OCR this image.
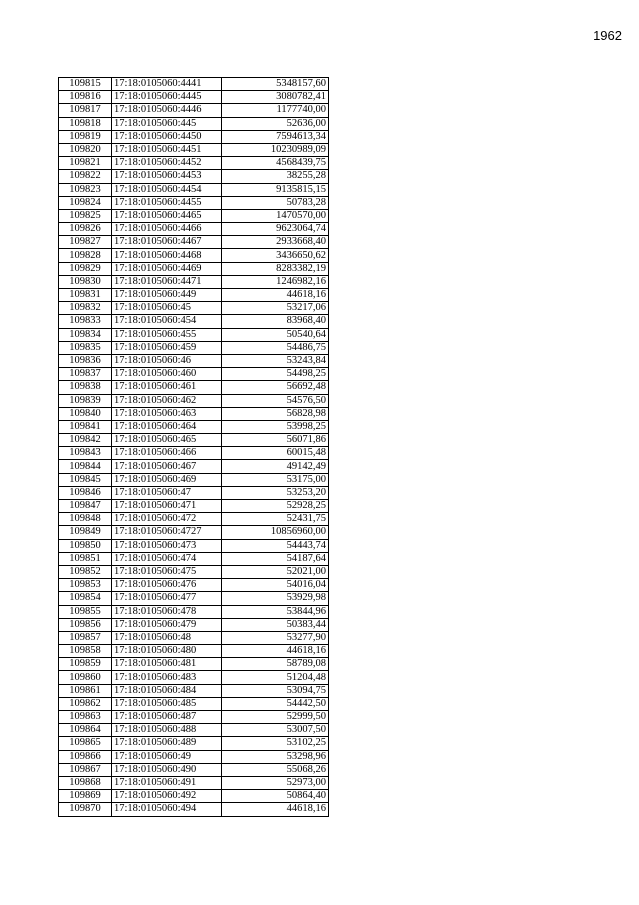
1962
109815	17:18:0105060:4441	5348157,60
109816	17:18:0105060:4445	3080782,41
109817	17:18:0105060:4446	1177740,00
109818	17:18:0105060:445	52636,00
109819	17:18:0105060:4450	7594613,34
109820	17:18:0105060:4451	10230989,09
109821	17:18:0105060:4452	4568439,75
109822	17:18:0105060:4453	38255,28
109823	17:18:0105060:4454	9135815,15
109824	17:18:0105060:4455	50783,28
109825	17:18:0105060:4465	1470570,00
109826	17:18:0105060:4466	9623064,74
109827	17:18:0105060:4467	2933668,40
109828	17:18:0105060:4468	3436650,62
109829	17:18:0105060:4469	8283382,19
109830	17:18:0105060:4471	1246982,16
109831	17:18:0105060:449	44618,16
109832	17:18:0105060:45	53217,06
109833	17:18:0105060:454	83968,40
109834	17:18:0105060:455	50540,64
109835	17:18:0105060:459	54486,75
109836	17:18:0105060:46	53243,84
109837	17:18:0105060:460	54498,25
109838	17:18:0105060:461	56692,48
109839	17:18:0105060:462	54576,50
109840	17:18:0105060:463	56828,98
109841	17:18:0105060:464	53998,25
109842	17:18:0105060:465	56071,86
109843	17:18:0105060:466	60015,48
109844	17:18:0105060:467	49142,49
109845	17:18:0105060:469	53175,00
109846	17:18:0105060:47	53253,20
109847	17:18:0105060:471	52928,25
109848	17:18:0105060:472	52431,75
109849	17:18:0105060:4727	10856960,00
109850	17:18:0105060:473	54443,74
109851	17:18:0105060:474	54187,64
109852	17:18:0105060:475	52021,00
109853	17:18:0105060:476	54016,04
109854	17:18:0105060:477	53929,98
109855	17:18:0105060:478	53844,96
109856	17:18:0105060:479	50383,44
109857	17:18:0105060:48	53277,90
109858	17:18:0105060:480	44618,16
109859	17:18:0105060:481	58789,08
109860	17:18:0105060:483	51204,48
109861	17:18:0105060:484	53094,75
109862	17:18:0105060:485	54442,50
109863	17:18:0105060:487	52999,50
109864	17:18:0105060:488	53007,50
109865	17:18:0105060:489	53102,25
109866	17:18:0105060:49	53298,96
109867	17:18:0105060:490	55068,26
109868	17:18:0105060:491	52973,00
109869	17:18:0105060:492	50864,40
109870	17:18:0105060:494	44618,16
